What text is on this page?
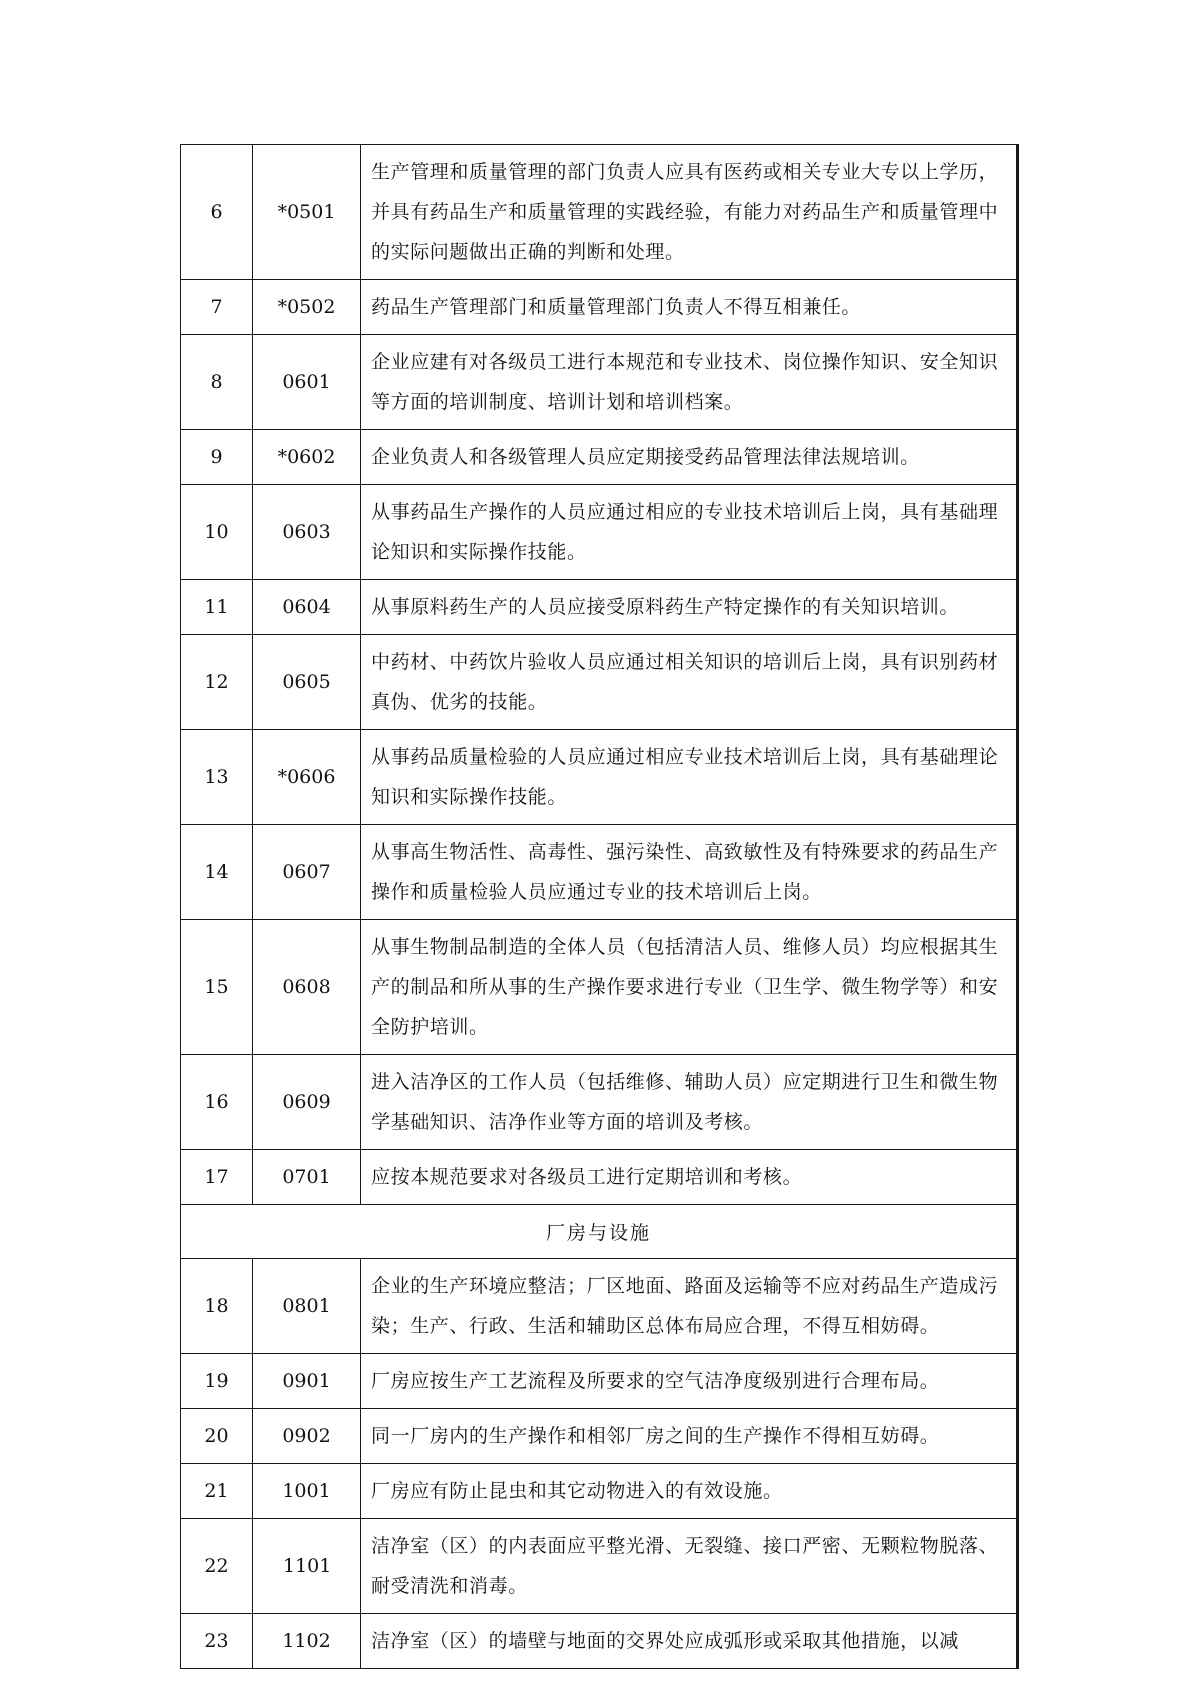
6	*0501	生产管理和质量管理的部门负责人应具有医药或相关专业大专以上学历，并具有药品生产和质量管理的实践经验，有能力对药品生产和质量管理中的实际问题做出正确的判断和处理。
7	*0502	药品生产管理部门和质量管理部门负责人不得互相兼任。
8	0601	企业应建有对各级员工进行本规范和专业技术、岗位操作知识、安全知识等方面的培训制度、培训计划和培训档案。
9	*0602	企业负责人和各级管理人员应定期接受药品管理法律法规培训。
10	0603	从事药品生产操作的人员应通过相应的专业技术培训后上岗，具有基础理论知识和实际操作技能。
11	0604	从事原料药生产的人员应接受原料药生产特定操作的有关知识培训。
12	0605	中药材、中药饮片验收人员应通过相关知识的培训后上岗，具有识别药材真伪、优劣的技能。
13	*0606	从事药品质量检验的人员应通过相应专业技术培训后上岗，具有基础理论知识和实际操作技能。
14	0607	从事高生物活性、高毒性、强污染性、高致敏性及有特殊要求的药品生产操作和质量检验人员应通过专业的技术培训后上岗。
15	0608	从事生物制品制造的全体人员（包括清洁人员、维修人员）均应根据其生产的制品和所从事的生产操作要求进行专业（卫生学、微生物学等）和安全防护培训。
16	0609	进入洁净区的工作人员（包括维修、辅助人员）应定期进行卫生和微生物学基础知识、洁净作业等方面的培训及考核。
17	0701	应按本规范要求对各级员工进行定期培训和考核。
厂房与设施		
18	0801	企业的生产环境应整洁；厂区地面、路面及运输等不应对药品生产造成污染；生产、行政、生活和辅助区总体布局应合理，不得互相妨碍。
19	0901	厂房应按生产工艺流程及所要求的空气洁净度级别进行合理布局。
20	0902	同一厂房内的生产操作和相邻厂房之间的生产操作不得相互妨碍。
21	1001	厂房应有防止昆虫和其它动物进入的有效设施。
22	1101	洁净室（区）的内表面应平整光滑、无裂缝、接口严密、无颗粒物脱落、耐受清洗和消毒。
23	1102	洁净室（区）的墙壁与地面的交界处应成弧形或采取其他措施，以减
